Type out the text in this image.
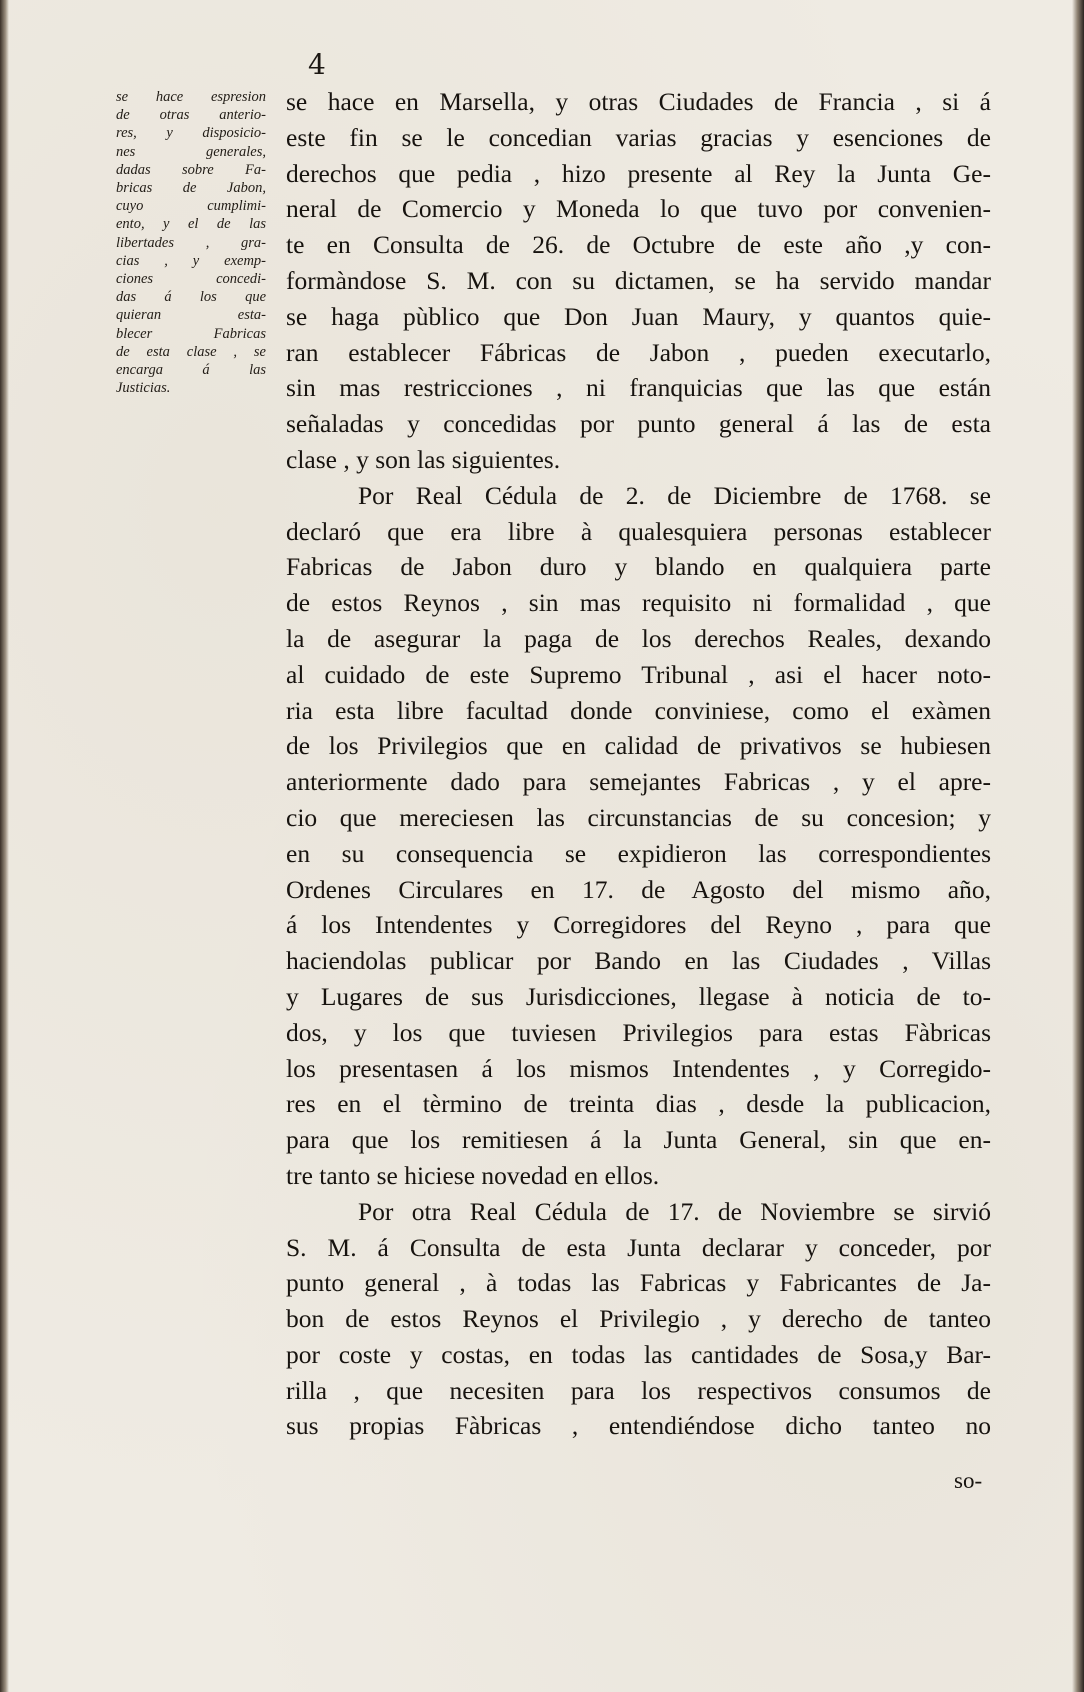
4
se hace espresion
de otras anterio-
res, y disposicio-
nes generales,
dadas sobre Fa-
bricas de Jabon,
cuyo cumplimi-
ento, y el de las
libertades , gra-
cias , y exemp-
ciones concedi-
das á los que
quieran esta-
blecer Fabricas
de esta clase , se
encarga á las
Justicias.
se hace en Marsella, y otras Ciudades de Francia , si á
este fin se le concedian varias gracias y esenciones de
derechos que pedia , hizo presente al Rey la Junta Ge-
neral de Comercio y Moneda lo que tuvo por convenien-
te en Consulta de 26. de Octubre de este año ,y con-
formàndose S. M. con su dictamen, se ha servido mandar
se haga pùblico que Don Juan Maury, y quantos quie-
ran establecer Fábricas de Jabon , pueden executarlo,
sin mas restricciones , ni franquicias que las que están
señaladas y concedidas por punto general á las de esta
clase , y son las siguientes.
Por Real Cédula de 2. de Diciembre de 1768. se
declaró que era libre à qualesquiera personas establecer
Fabricas de Jabon duro y blando en qualquiera parte
de estos Reynos , sin mas requisito ni formalidad , que
la de asegurar la paga de los derechos Reales, dexando
al cuidado de este Supremo Tribunal , asi el hacer noto-
ria esta libre facultad donde conviniese, como el exàmen
de los Privilegios que en calidad de privativos se hubiesen
anteriormente dado para semejantes Fabricas , y el apre-
cio que mereciesen las circunstancias de su concesion; y
en su consequencia se expidieron las correspondientes
Ordenes Circulares en 17. de Agosto del mismo año,
á los Intendentes y Corregidores del Reyno , para que
haciendolas publicar por Bando en las Ciudades , Villas
y Lugares de sus Jurisdicciones, llegase à noticia de to-
dos, y los que tuviesen Privilegios para estas Fàbricas
los presentasen á los mismos Intendentes , y Corregido-
res en el tèrmino de treinta dias , desde la publicacion,
para que los remitiesen á la Junta General, sin que en-
tre tanto se hiciese novedad en ellos.
Por otra Real Cédula de 17. de Noviembre se sirvió
S. M. á Consulta de esta Junta declarar y conceder, por
punto general , à todas las Fabricas y Fabricantes de Ja-
bon de estos Reynos el Privilegio , y derecho de tanteo
por coste y costas, en todas las cantidades de Sosa,y Bar-
rilla , que necesiten para los respectivos consumos de
sus propias Fàbricas , entendiéndose dicho tanteo no
so-
